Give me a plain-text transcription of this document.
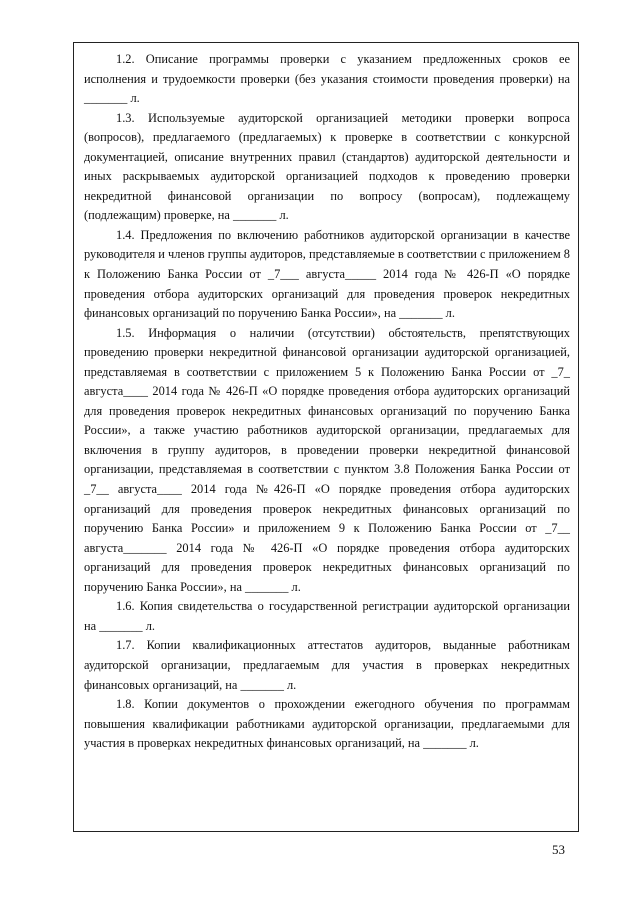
1.2. Описание программы проверки с указанием предложенных сроков ее исполнения и трудоемкости проверки (без указания стоимости проведения проверки) на _______ л.

1.3. Используемые аудиторской организацией методики проверки вопроса (вопросов), предлагаемого (предлагаемых) к проверке в соответствии с конкурсной документацией, описание внутренних правил (стандартов) аудиторской деятельности и иных раскрываемых аудиторской организацией подходов к проведению проверки некредитной финансовой организации по вопросу (вопросам), подлежащему (подлежащим) проверке, на _______ л.

1.4. Предложения по включению работников аудиторской организации в качестве руководителя и членов группы аудиторов, представляемые в соответствии с приложением 8 к Положению Банка России от _7___ августа_____ 2014 года № 426-П «О порядке проведения отбора аудиторских организаций для проведения проверок некредитных финансовых организаций по поручению Банка России», на _______ л.

1.5. Информация о наличии (отсутствии) обстоятельств, препятствующих проведению проверки некредитной финансовой организации аудиторской организацией, представляемая в соответствии с приложением 5 к Положению Банка России от _7_ августа____ 2014 года № 426-П «О порядке проведения отбора аудиторских организаций для проведения проверок некредитных финансовых организаций по поручению Банка России», а также участию работников аудиторской организации, предлагаемых для включения в группу аудиторов, в проведении проверки некредитной финансовой организации, представляемая в соответствии с пунктом 3.8 Положения Банка России от _7__ августа____ 2014 года №426-П «О порядке проведения отбора аудиторских организаций для проведения проверок некредитных финансовых организаций по поручению Банка России» и приложением 9 к Положению Банка России от _7__ августа_______ 2014 года № 426-П «О порядке проведения отбора аудиторских организаций для проведения проверок некредитных финансовых организаций по поручению Банка России», на _______ л.

1.6. Копия свидетельства о государственной регистрации аудиторской организации на _______ л.

1.7. Копии квалификационных аттестатов аудиторов, выданные работникам аудиторской организации, предлагаемым для участия в проверках некредитных финансовых организаций, на _______ л.

1.8. Копии документов о прохождении ежегодного обучения по программам повышения квалификации работниками аудиторской организации, предлагаемыми для участия в проверках некредитных финансовых организаций, на _______ л.

53
